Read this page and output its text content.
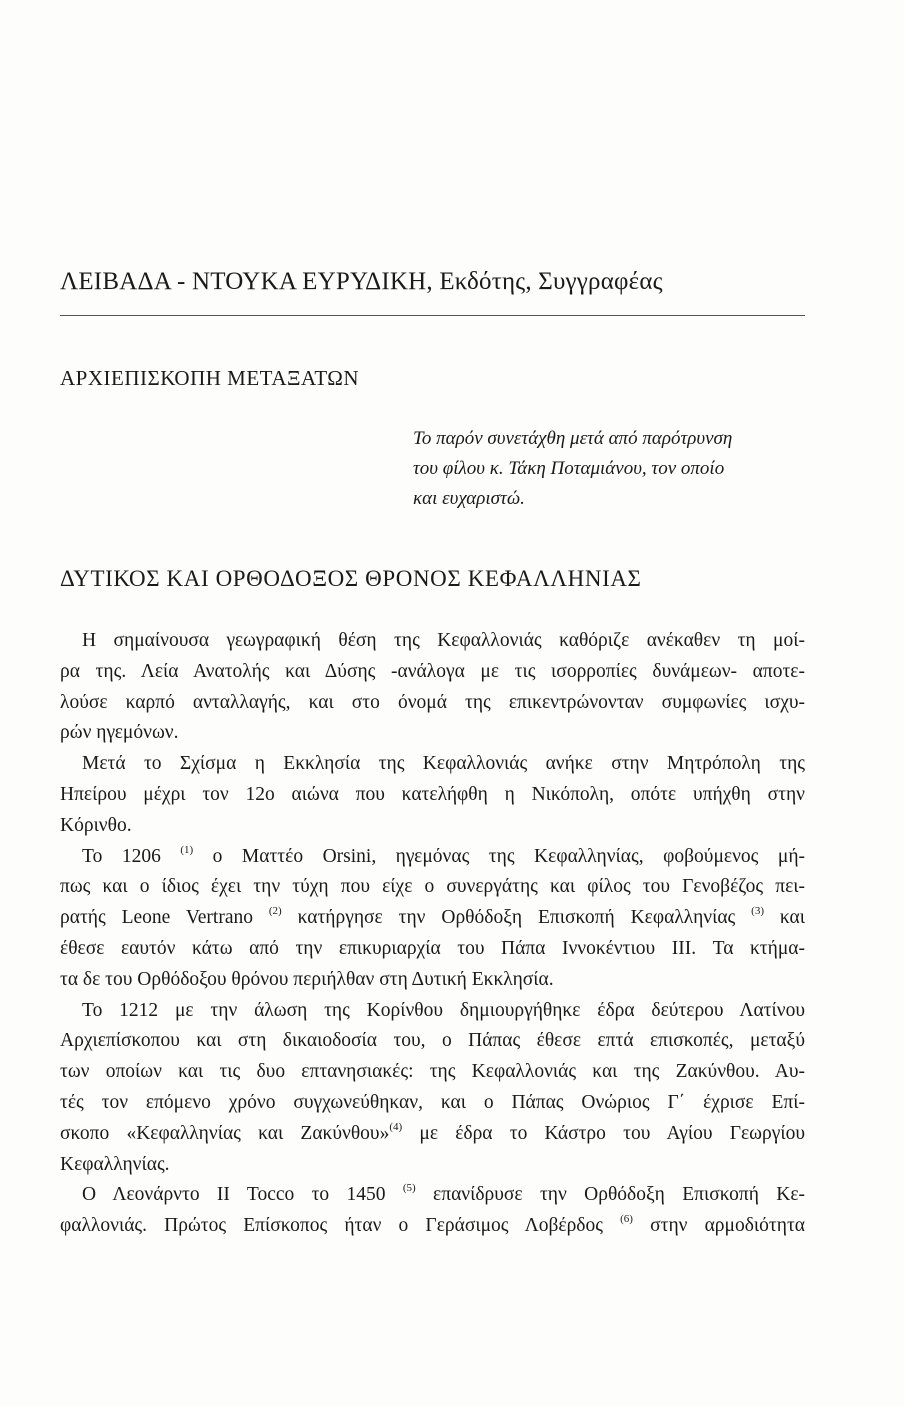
ΛΕΙΒΑΔΑ - ΝΤΟΥΚΑ ΕΥΡΥΔΙΚΗ, Εκδότης, Συγγραφέας
ΑΡΧΙΕΠΙΣΚΟΠΗ ΜΕΤΑΞΑΤΩΝ
Το παρόν συνετάχθη μετά από παρότρυνση
του φίλου κ. Τάκη Ποταμιάνου, τον οποίο
και ευχαριστώ.
ΔΥΤΙΚΟΣ ΚΑΙ ΟΡΘΟΔΟΞΟΣ ΘΡΟΝΟΣ ΚΕΦΑΛΛΗΝΙΑΣ
Η σημαίνουσα γεωγραφική θέση της Κεφαλλονιάς καθόριζε ανέκαθεν τη μοί-
ρα της. Λεία Ανατολής και Δύσης -ανάλογα με τις ισορροπίες δυνάμεων- αποτε-
λούσε καρπό ανταλλαγής, και στο όνομά της επικεντρώνονταν συμφωνίες ισχυ-
ρών ηγεμόνων.
Μετά το Σχίσμα η Εκκλησία της Κεφαλλονιάς ανήκε στην Μητρόπολη της
Ηπείρου μέχρι τον 12ο αιώνα που κατελήφθη η Νικόπολη, οπότε υπήχθη στην
Κόρινθο.
Το 1206 $^{(1)}$ ο Ματτέο Orsini, ηγεμόνας της Κεφαλληνίας, φοβούμενος μή-
πως και ο ίδιος έχει την τύχη που είχε ο συνεργάτης και φίλος του Γενοβέζος πει-
ρατής Leone Vertrano $^{(2)}$ κατήργησε την Ορθόδοξη Επισκοπή Κεφαλληνίας $^{(3)}$ και
έθεσε εαυτόν κάτω από την επικυριαρχία του Πάπα Ιννοκέντιου III. Τα κτήμα-
τα δε του Ορθόδοξου θρόνου περιήλθαν στη Δυτική Εκκλησία.
Το 1212 με την άλωση της Κορίνθου δημιουργήθηκε έδρα δεύτερου Λατίνου
Αρχιεπίσκοπου και στη δικαιοδοσία του, ο Πάπας έθεσε επτά επισκοπές, μεταξύ
των οποίων και τις δυο επτανησιακές: της Κεφαλλονιάς και της Ζακύνθου. Αυ-
τές τον επόμενο χρόνο συγχωνεύθηκαν, και ο Πάπας Ονώριος Γ΄ έχρισε Επί-
σκοπο «Κεφαλληνίας και Ζακύνθου»$^{(4)}$ με έδρα το Κάστρο του Αγίου Γεωργίου
Κεφαλληνίας.
Ο Λεονάρντο II Tocco το 1450 $^{(5)}$ επανίδρυσε την Ορθόδοξη Επισκοπή Κε-
φαλλονιάς. Πρώτος Επίσκοπος ήταν ο Γεράσιμος Λοβέρδος $^{(6)}$ στην αρμοδιότητα
